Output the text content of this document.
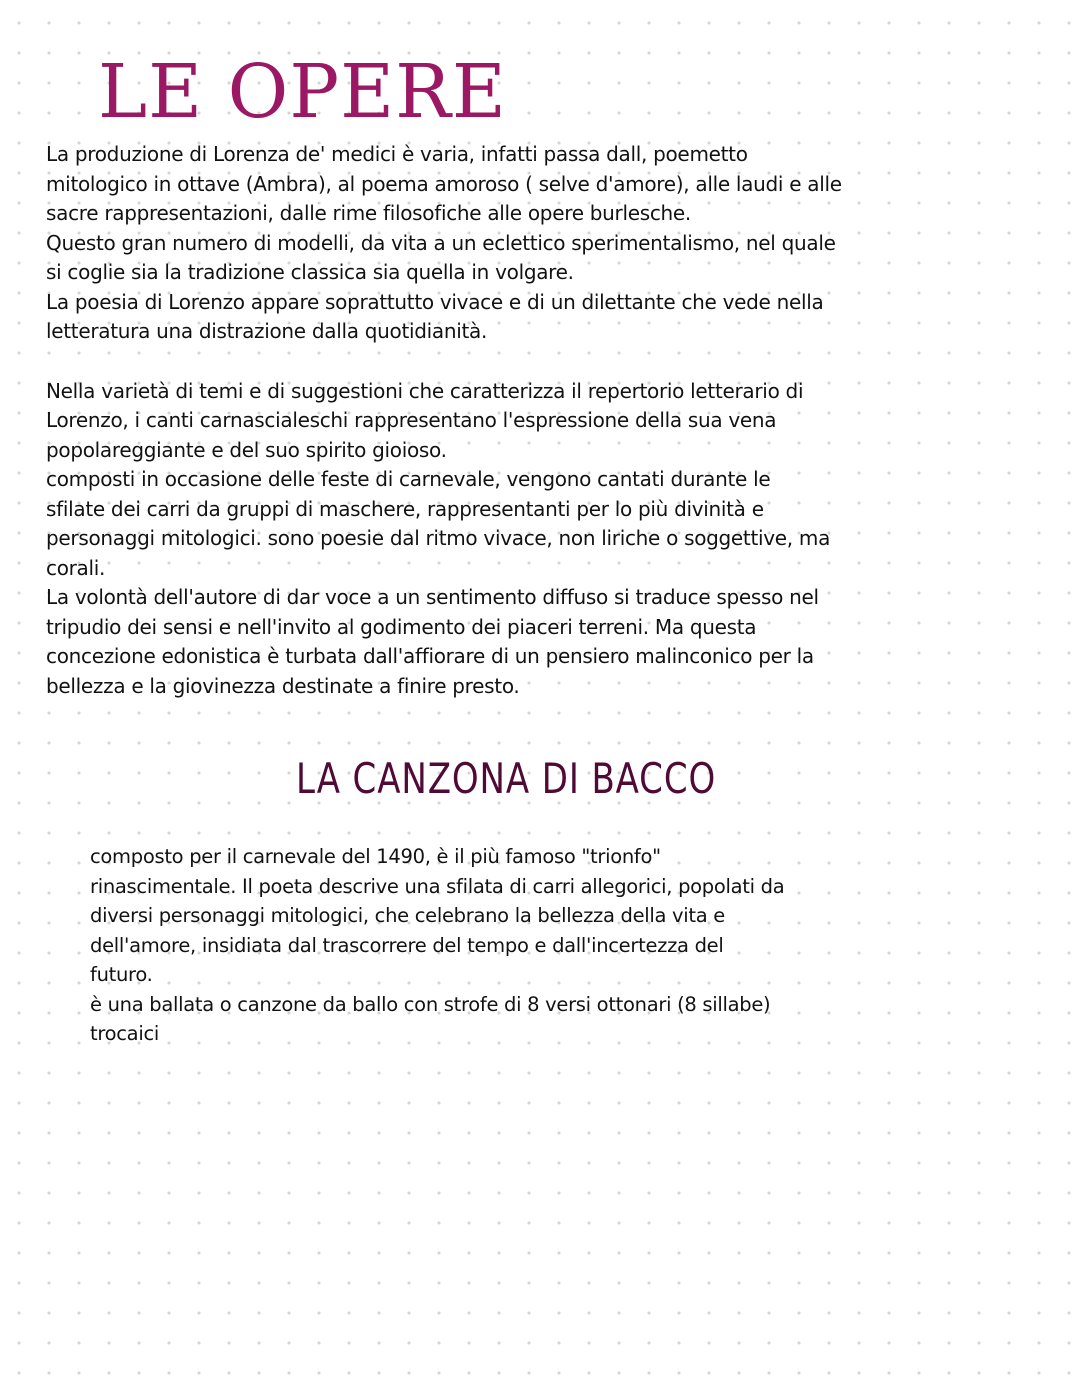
LE OPERE
La produzione di Lorenza de' medici è varia, infatti passa dall, poemetto
mitologico in ottave (Ambra), al poema amoroso ( selve d'amore), alle laudi e alle
sacre rappresentazioni, dalle rime filosofiche alle opere burlesche.
Questo gran numero di modelli, da vita a un eclettico sperimentalismo, nel quale
si coglie sia la tradizione classica sia quella in volgare.
La poesia di Lorenzo appare soprattutto vivace e di un dilettante che vede nella
letteratura una distrazione dalla quotidianità.
Nella varietà di temi e di suggestioni che caratterizza il repertorio letterario di
Lorenzo, i canti carnascialeschi rappresentano l'espressione della sua vena
popolareggiante e del suo spirito gioioso.
composti in occasione delle feste di carnevale, vengono cantati durante le
sfilate dei carri da gruppi di maschere, rappresentanti per lo più divinità e
personaggi mitologici. sono poesie dal ritmo vivace, non liriche o soggettive, ma
corali.
La volontà dell'autore di dar voce a un sentimento diffuso si traduce spesso nel
tripudio dei sensi e nell'invito al godimento dei piaceri terreni. Ma questa
concezione edonistica è turbata dall'affiorare di un pensiero malinconico per la
bellezza e la giovinezza destinate a finire presto.
LA CANZONA DI BACCO
composto per il carnevale del 1490, è il più famoso "trionfo"
rinascimentale. Il poeta descrive una sfilata di carri allegorici, popolati da
diversi personaggi mitologici, che celebrano la bellezza della vita e
dell'amore, insidiata dal trascorrere del tempo e dall'incertezza del
futuro.
è una ballata o canzone da ballo con strofe di 8 versi ottonari (8 sillabe)
trocaici
